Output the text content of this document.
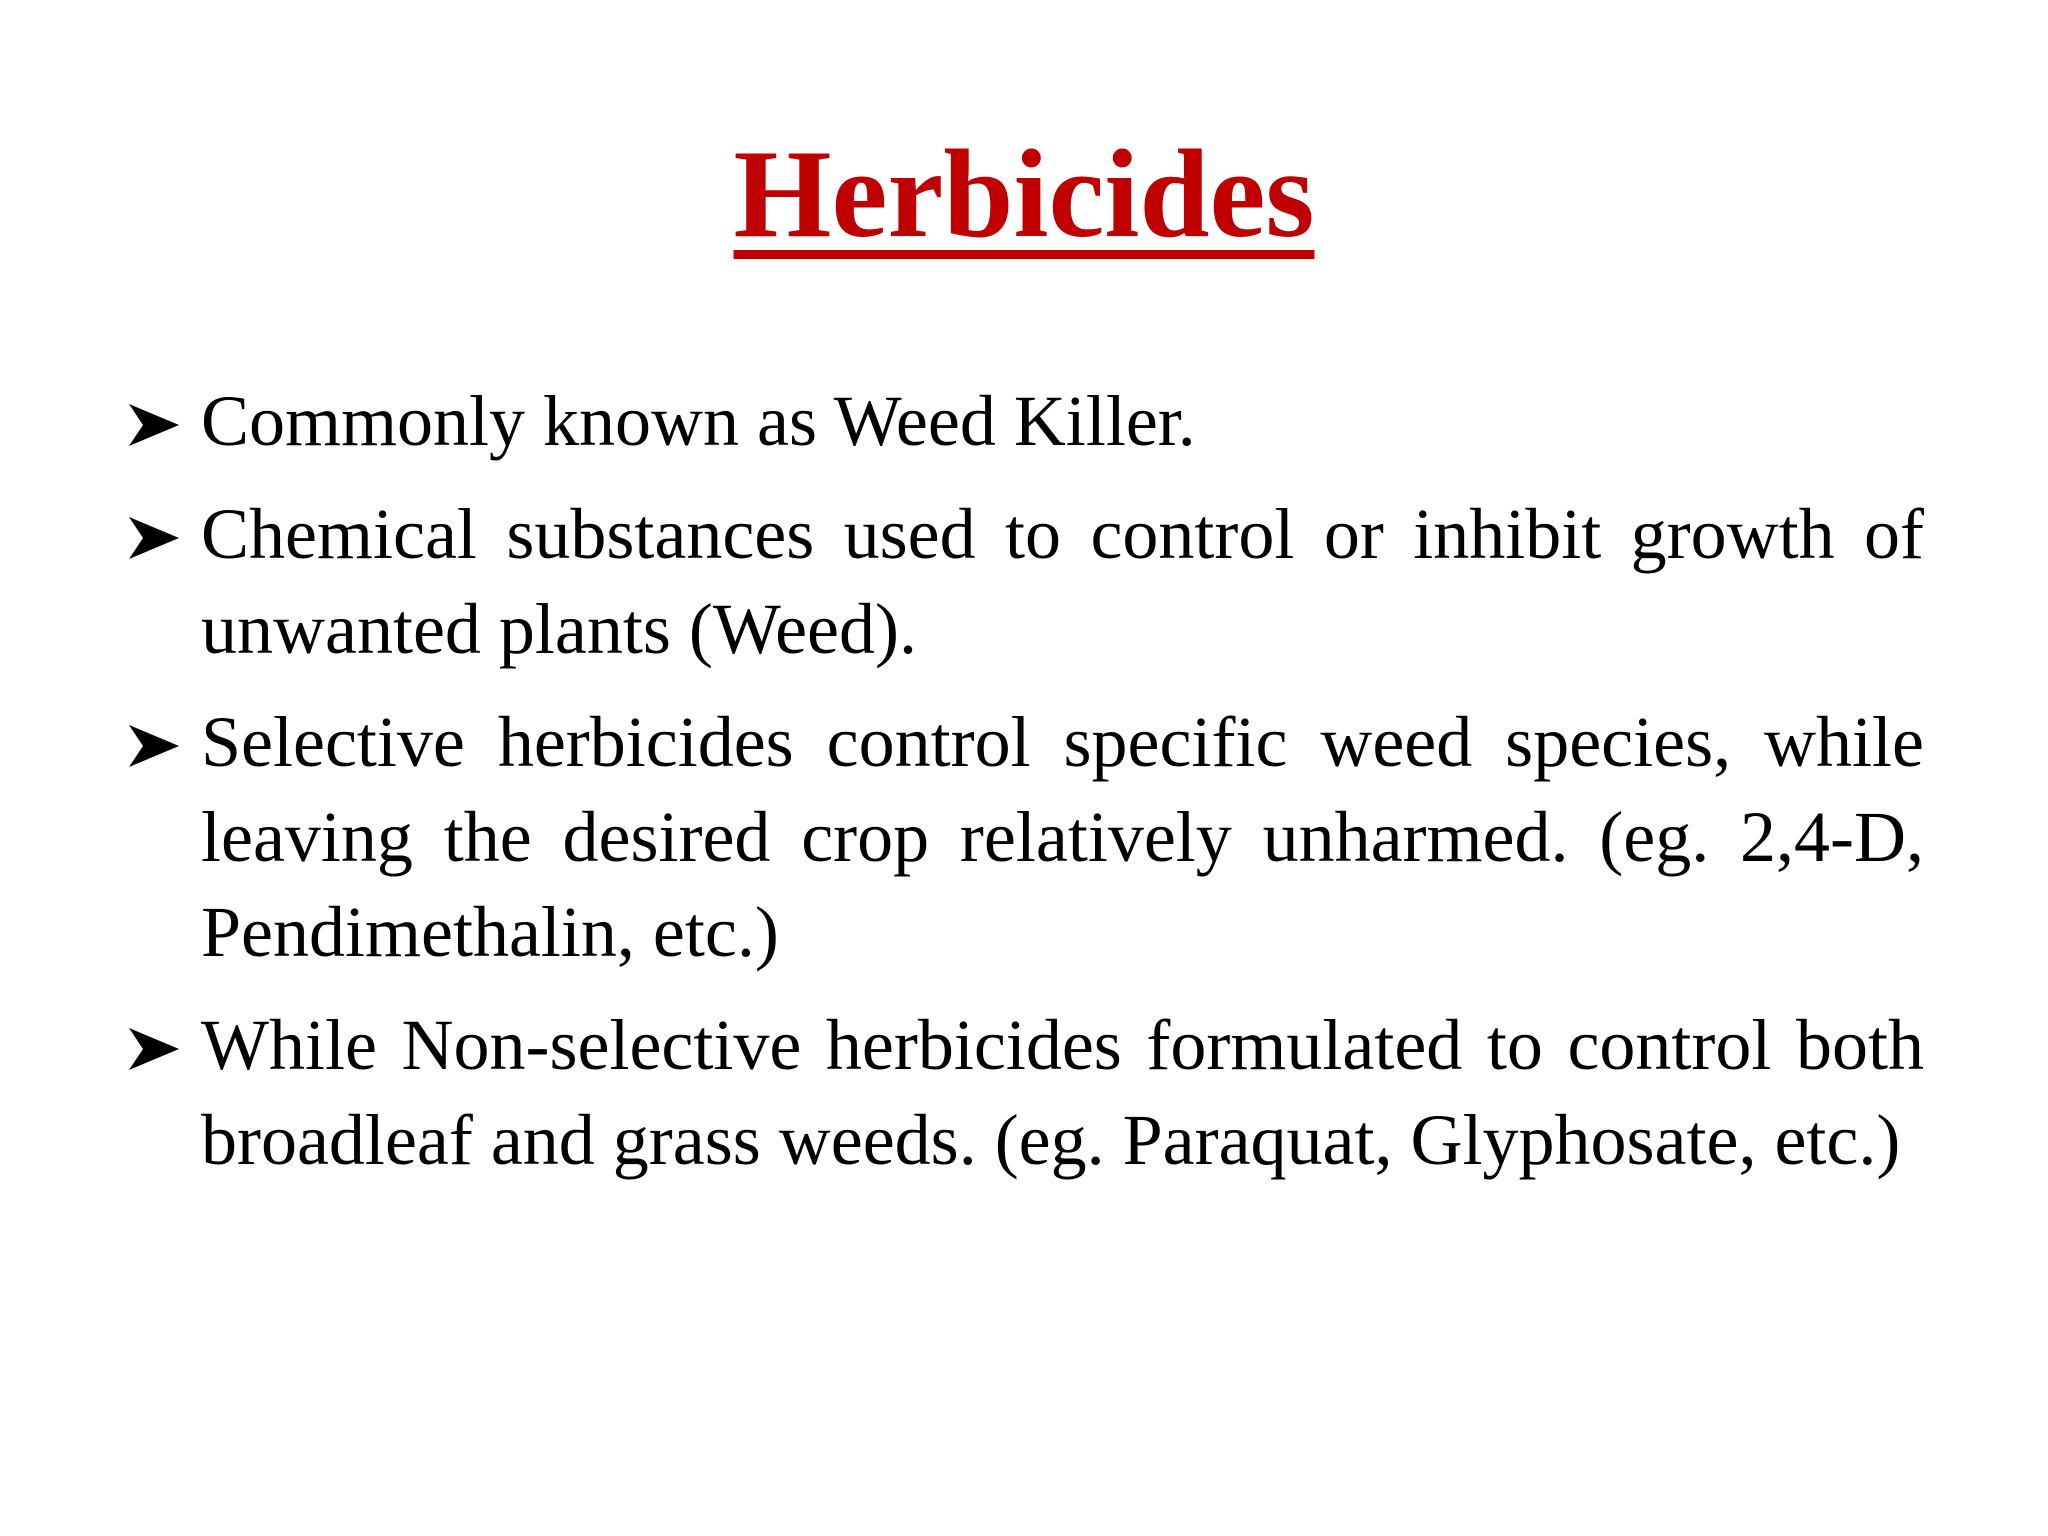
Herbicides
Commonly known as Weed Killer.
Chemical substances used to control or inhibit growth of unwanted plants (Weed).
Selective herbicides control specific weed species, while leaving the desired crop relatively unharmed. (eg. 2,4-D, Pendimethalin, etc.)
While Non-selective herbicides formulated to control both broadleaf and grass weeds. (eg. Paraquat, Glyphosate, etc.)
